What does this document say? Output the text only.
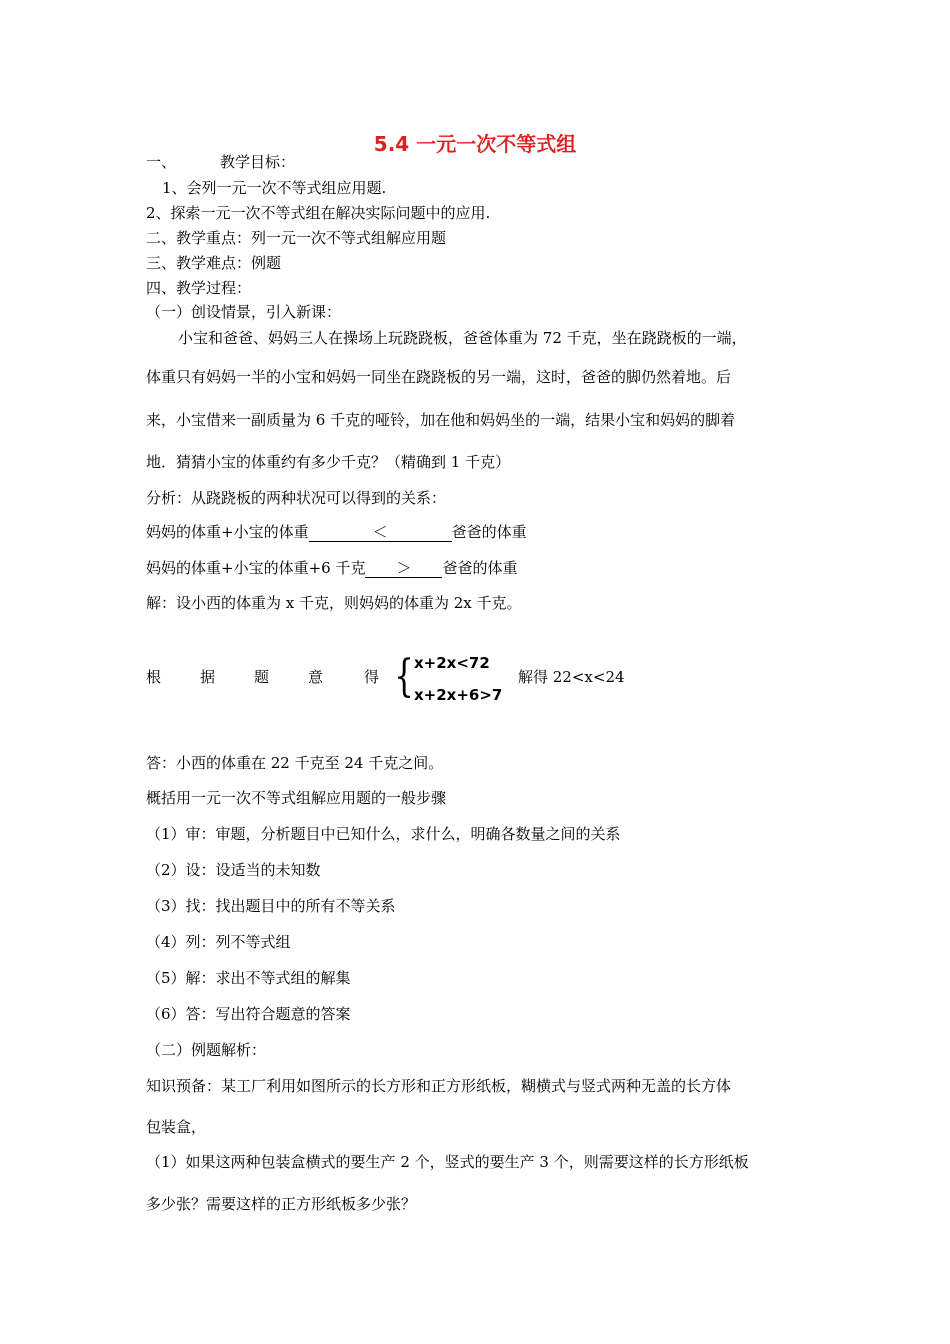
5.4 一元一次不等式组
一、	教学目标：
1、会列一元一次不等式组应用题.
2、探索一元一次不等式组在解决实际问题中的应用.
二、教学重点：列一元一次不等式组解应用题
三、教学难点：例题
四、教学过程：
（一）创设情景，引入新课：
小宝和爸爸、妈妈三人在操场上玩跷跷板，爸爸体重为 72 千克，坐在跷跷板的一端，
体重只有妈妈一半的小宝和妈妈一同坐在跷跷板的另一端，这时，爸爸的脚仍然着地。后
来，小宝借来一副质量为 6 千克的哑铃，加在他和妈妈坐的一端，结果小宝和妈妈的脚着
地．猜猜小宝的体重约有多少千克？（精确到 1 千克）
分析：从跷跷板的两种状况可以得到的关系：
妈妈的体重+小宝的体重	＜	爸爸的体重
妈妈的体重+小宝的体重+6 千克 ＞ 爸爸的体重
解：设小西的体重为 x 千克，则妈妈的体重为 2x 千克。
根	据	题	意	得 { x+2x<72
x+2x+6>7
解得 22<x<24
答：小西的体重在 22 千克至 24 千克之间。
概括用一元一次不等式组解应用题的一般步骤
（1）审：审题，分析题目中已知什么，求什么，明确各数量之间的关系
（2）设：设适当的未知数
（3）找：找出题目中的所有不等关系
（4）列：列不等式组
（5）解：求出不等式组的解集
（6）答：写出符合题意的答案
（二）例题解析：
知识预备：某工厂利用如图所示的长方形和正方形纸板，糊横式与竖式两种无盖的长方体
包装盒，
（1）如果这两种包装盒横式的要生产 2 个，竖式的要生产 3 个，则需要这样的长方形纸板
多少张？需要这样的正方形纸板多少张？
